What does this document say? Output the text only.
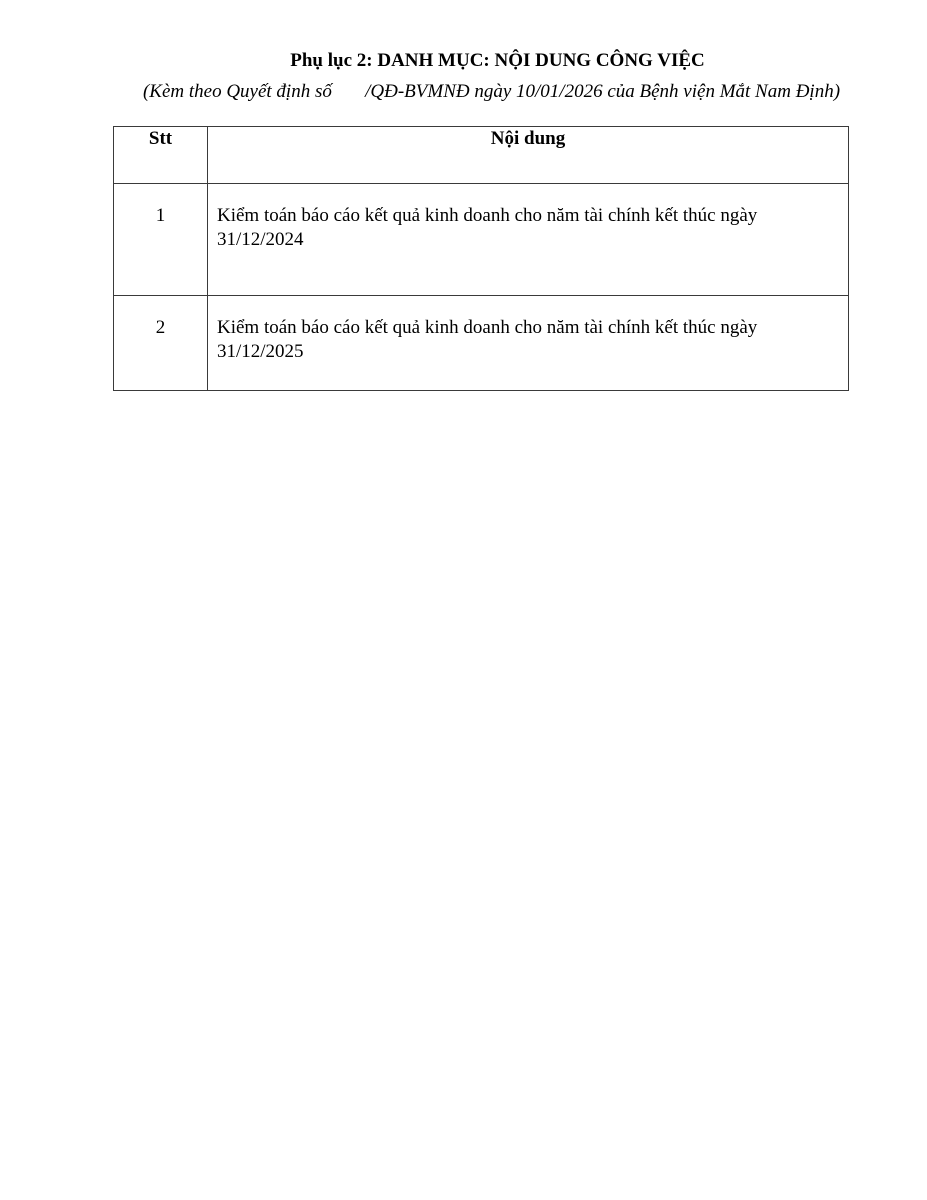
Phụ lục 2: DANH MỤC: NỘI DUNG CÔNG VIỆC
(Kèm theo Quyết định số       /QĐ-BVMNĐ ngày 10/01/2026 của Bệnh viện Mắt Nam Định)
Stt	Nội dung
1	Kiểm toán báo cáo kết quả kinh doanh cho năm tài chính kết thúc ngày 31/12/2024
2	Kiểm toán báo cáo kết quả kinh doanh cho năm tài chính kết thúc ngày 31/12/2025
